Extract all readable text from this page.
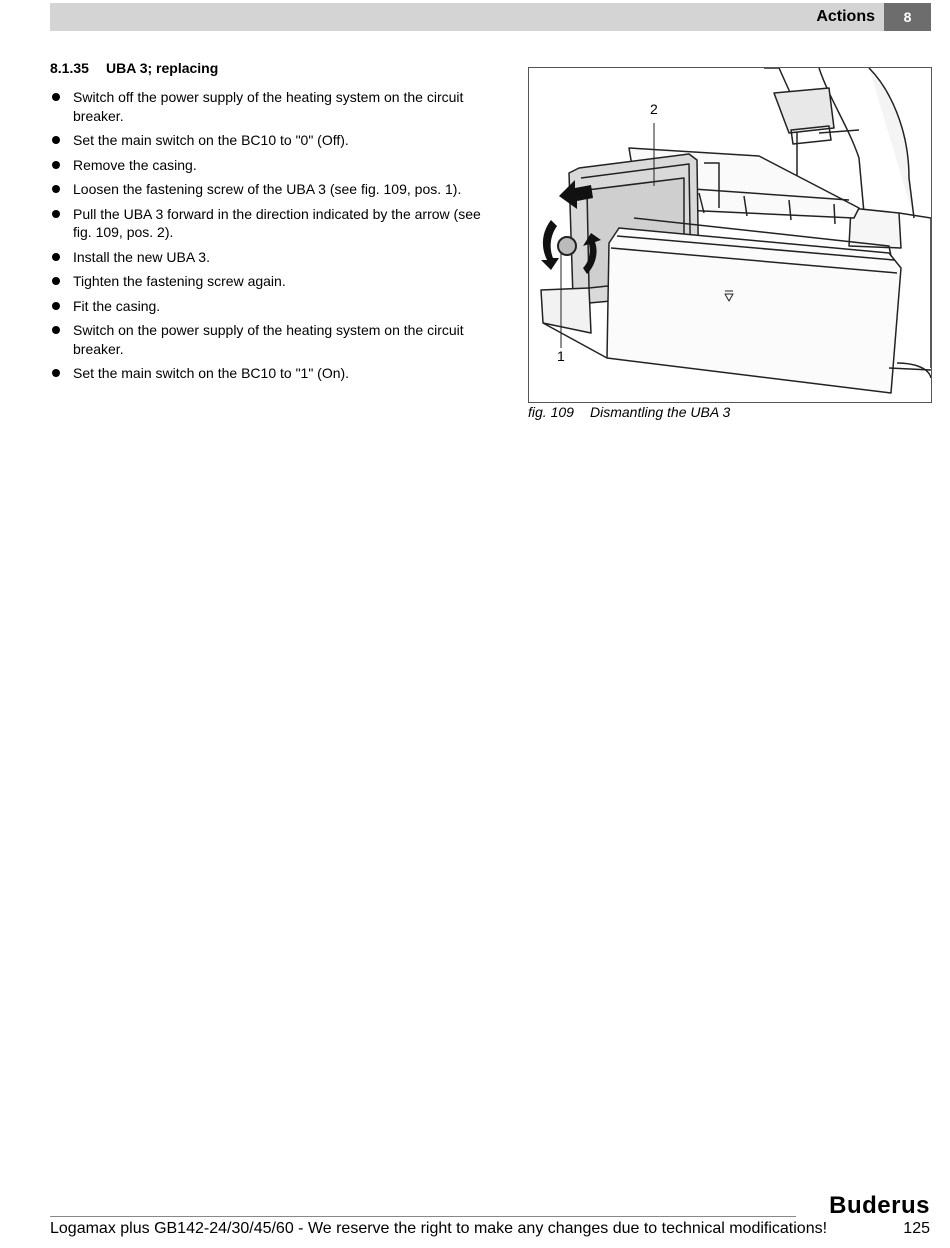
Actions	8
8.1.35 UBA 3; replacing
Switch off the power supply of the heating system on the circuit breaker.
Set the main switch on the BC10 to "0" (Off).
Remove the casing.
Loosen the fastening screw of the UBA 3 (see fig. 109, pos. 1).
Pull the UBA 3 forward in the direction indicated by the arrow (see fig. 109, pos. 2).
Install the new UBA 3.
Tighten the fastening screw again.
Fit the casing.
Switch on the power supply of the heating system on the circuit breaker.
Set the main switch on the BC10 to "1" (On).
2
1
fig. 109 Dismantling the UBA 3
Buderus
Logamax plus GB142-24/30/45/60 - We reserve the right to make any changes due to technical modifications!	125
